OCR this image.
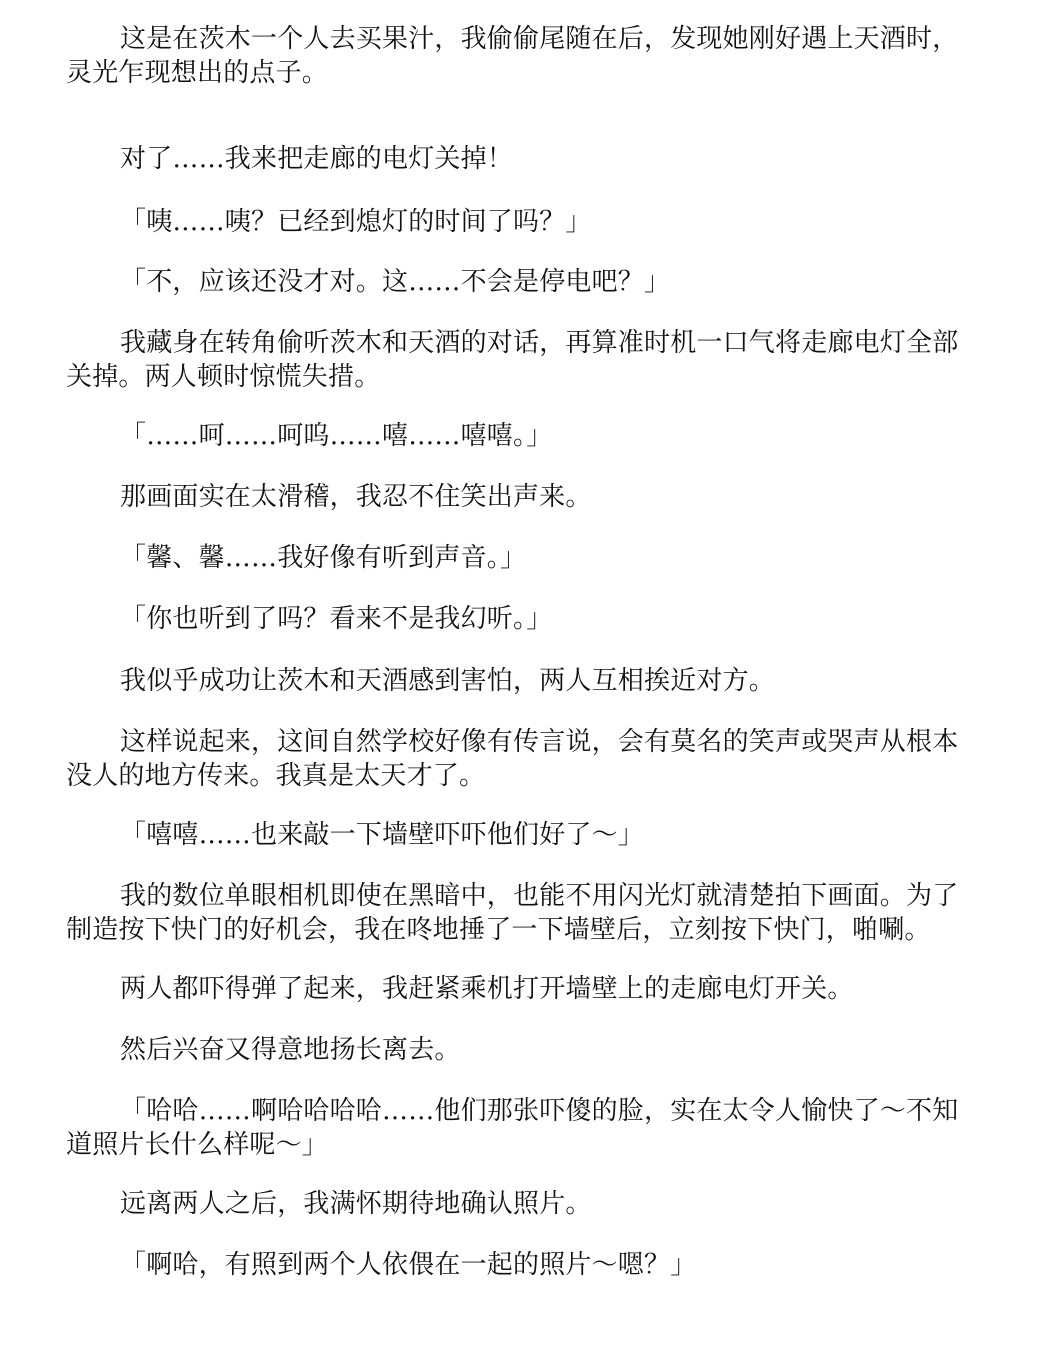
这是在茨木一个人去买果汁，我偷偷尾随在后，发现她刚好遇上天酒时，灵光乍现想出的点子。

对了……我来把走廊的电灯关掉！

「咦……咦？已经到熄灯的时间了吗？」

「不，应该还没才对。这……不会是停电吧？」

我藏身在转角偷听茨木和天酒的对话，再算准时机一口气将走廊电灯全部关掉。两人顿时惊慌失措。

「……呵……呵呜……嘻……嘻嘻。」

那画面实在太滑稽，我忍不住笑出声来。

「馨、馨……我好像有听到声音。」

「你也听到了吗？看来不是我幻听。」

我似乎成功让茨木和天酒感到害怕，两人互相挨近对方。

这样说起来，这间自然学校好像有传言说，会有莫名的笑声或哭声从根本没人的地方传来。我真是太天才了。

「嘻嘻……也来敲一下墙壁吓吓他们好了～」

我的数位单眼相机即使在黑暗中，也能不用闪光灯就清楚拍下画面。为了制造按下快门的好机会，我在咚地捶了一下墙壁后，立刻按下快门，啪唰。

两人都吓得弹了起来，我赶紧乘机打开墙壁上的走廊电灯开关。

然后兴奋又得意地扬长离去。

「哈哈……啊哈哈哈哈……他们那张吓傻的脸，实在太令人愉快了～不知道照片长什么样呢～」

远离两人之后，我满怀期待地确认照片。

「啊哈，有照到两个人依偎在一起的照片～嗯？」
